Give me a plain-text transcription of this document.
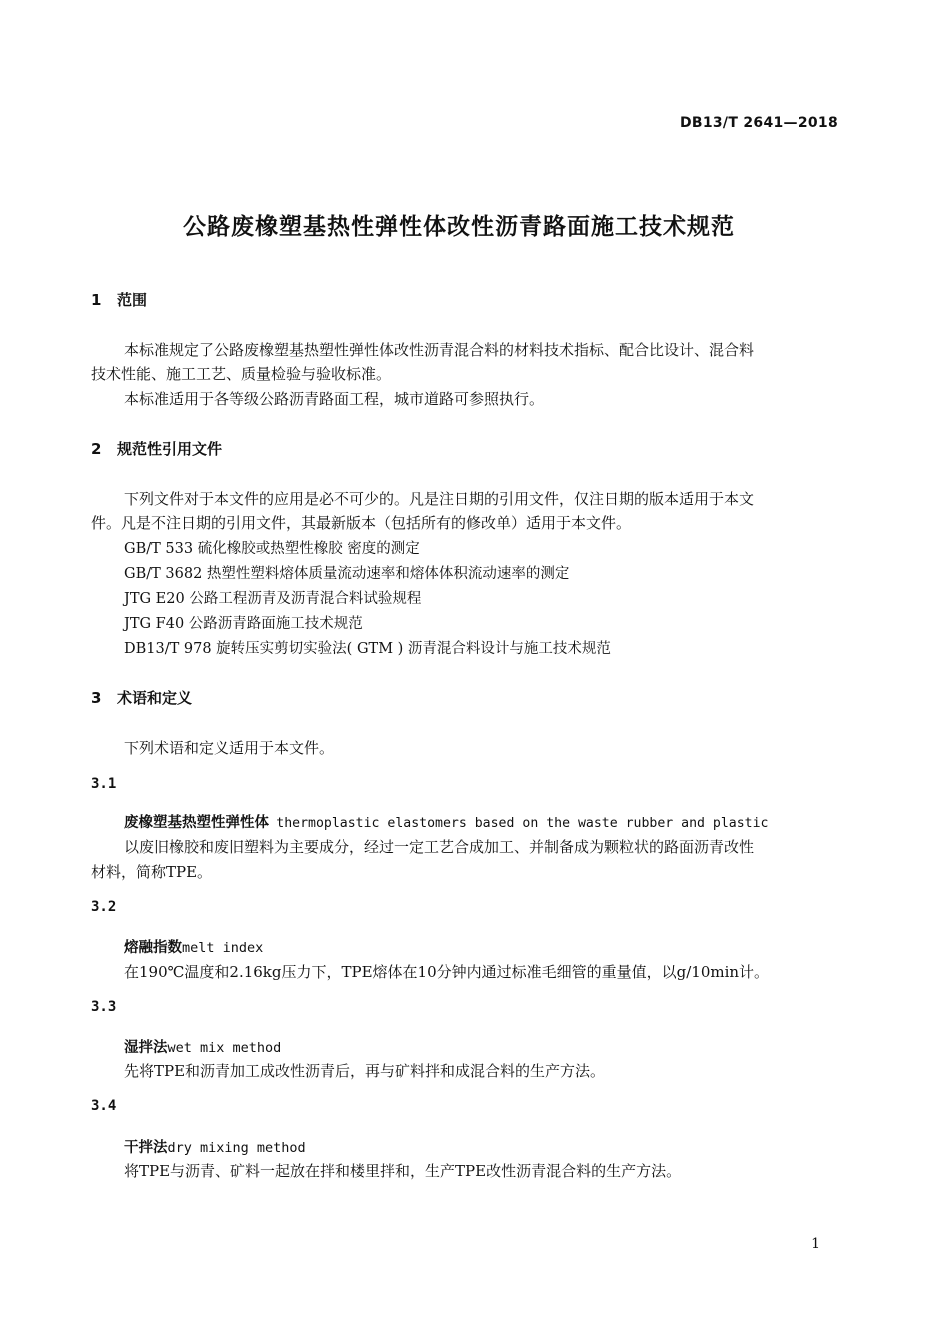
DB13/T 2641—2018
公路废橡塑基热性弹性体改性沥青路面施工技术规范
1 范围
本标准规定了公路废橡塑基热塑性弹性体改性沥青混合料的材料技术指标、配合比设计、混合料
技术性能、施工工艺、质量检验与验收标准。
本标准适用于各等级公路沥青路面工程，城市道路可参照执行。
2 规范性引用文件
下列文件对于本文件的应用是必不可少的。凡是注日期的引用文件，仅注日期的版本适用于本文
件。凡是不注日期的引用文件，其最新版本（包括所有的修改单）适用于本文件。
GB/T 533 硫化橡胶或热塑性橡胶 密度的测定
GB/T 3682 热塑性塑料熔体质量流动速率和熔体体积流动速率的测定
JTG E20 公路工程沥青及沥青混合料试验规程
JTG F40 公路沥青路面施工技术规范
DB13/T 978 旋转压实剪切实验法( GTM ) 沥青混合料设计与施工技术规范
3 术语和定义
下列术语和定义适用于本文件。
3.1
废橡塑基热塑性弹性体 thermoplastic elastomers based on the waste rubber and plastic
以废旧橡胶和废旧塑料为主要成分，经过一定工艺合成加工、并制备成为颗粒状的路面沥青改性
材料，简称TPE。
3.2
熔融指数melt index
在190℃温度和2.16kg压力下，TPE熔体在10分钟内通过标准毛细管的重量值，以g/10min计。
3.3
湿拌法wet mix method
先将TPE和沥青加工成改性沥青后，再与矿料拌和成混合料的生产方法。
3.4
干拌法dry mixing method
将TPE与沥青、矿料一起放在拌和楼里拌和，生产TPE改性沥青混合料的生产方法。
1
